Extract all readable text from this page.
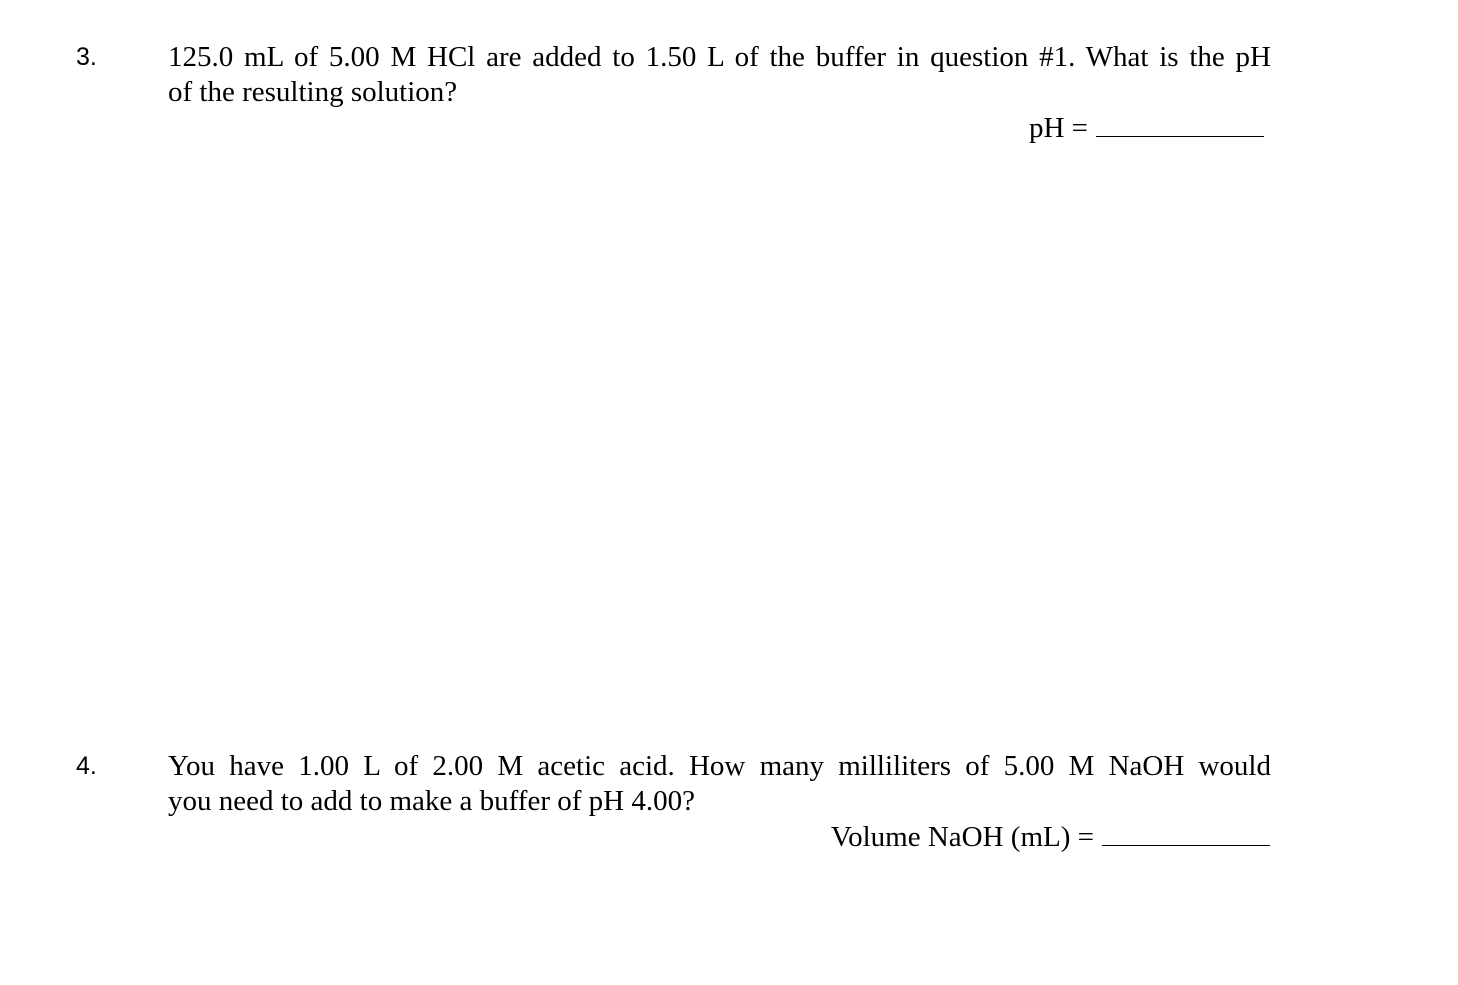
3. 125.0 mL of 5.00 M HCl are added to 1.50 L of the buffer in question #1. What is the pH
of the resulting solution?

pH =
4. You have 1.00 L of 2.00 M acetic acid. How many milliliters of 5.00 M NaOH would
you need to add to make a buffer of pH 4.00?

Volume NaOH (mL) =
